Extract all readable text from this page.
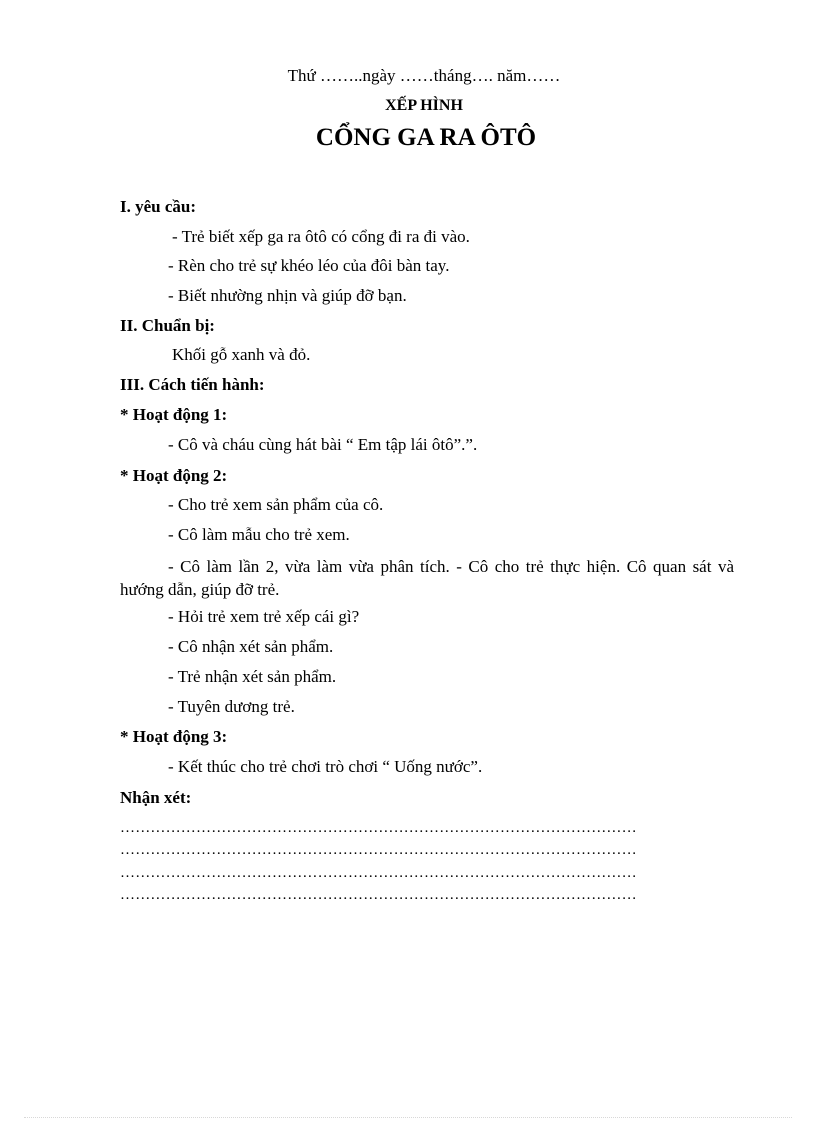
Thứ ……..ngày ……tháng…. năm……
XẾP HÌNH
CỔNG GA RA ÔTÔ
I. yêu cầu:
- Trẻ biết xếp ga ra ôtô có cổng đi ra đi vào.
- Rèn cho trẻ sự khéo léo của đôi bàn tay.
- Biết nhường nhịn và giúp đỡ bạn.
II. Chuẩn bị:
Khối gỗ xanh và đỏ.
III. Cách tiến hành:
* Hoạt động 1:
- Cô và cháu cùng hát bài “ Em tập lái ôtô”.”.
* Hoạt động 2:
- Cho trẻ xem sản phẩm của cô.
- Cô làm mẫu cho trẻ xem.
- Cô làm lần 2, vừa làm vừa phân tích. - Cô cho trẻ thực hiện. Cô quan sát và hướng dẫn, giúp đỡ trẻ.
- Hỏi trẻ xem trẻ xếp cái gì?
- Cô nhận xét sản phẩm.
- Trẻ nhận xét sản phẩm.
- Tuyên dương trẻ.
* Hoạt động 3:
- Kết thúc cho trẻ chơi trò chơi “ Uống nước”.
Nhận xét:
…………………………………………………………………………………………
…………………………………………………………………………………………
…………………………………………………………………………………………
…………………………………………………………………………………………
